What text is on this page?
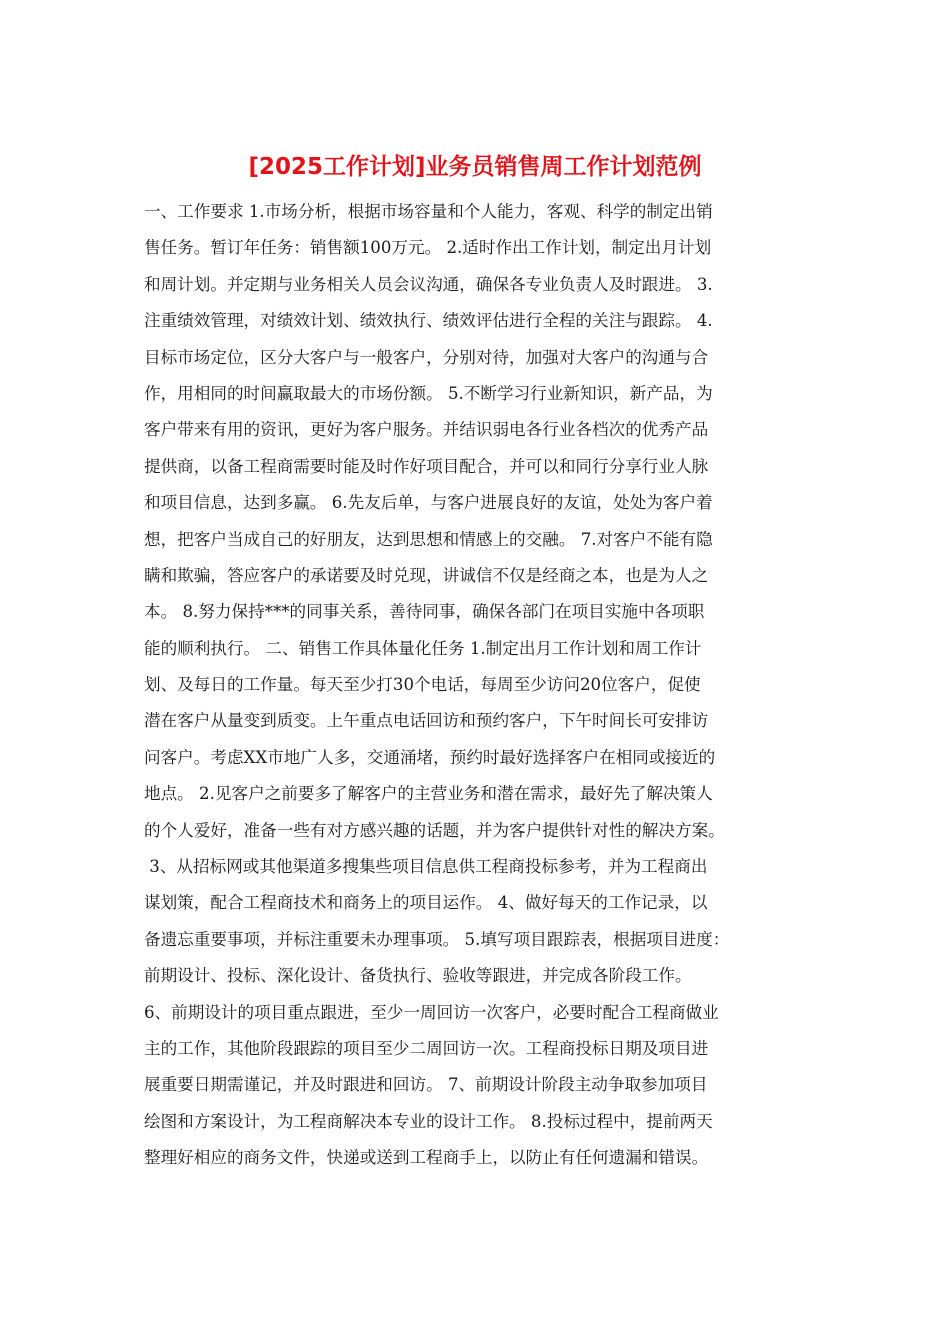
[2025工作计划]业务员销售周工作计划范例
一、工作要求 1.市场分析，根据市场容量和个人能力，客观、科学的制定出销
售任务。暂订年任务：销售额100万元。 2.适时作出工作计划，制定出月计划
和周计划。并定期与业务相关人员会议沟通，确保各专业负责人及时跟进。 3.
注重绩效管理，对绩效计划、绩效执行、绩效评估进行全程的关注与跟踪。 4.
目标市场定位，区分大客户与一般客户，分别对待，加强对大客户的沟通与合
作，用相同的时间赢取最大的市场份额。 5.不断学习行业新知识，新产品，为
客户带来有用的资讯，更好为客户服务。并结识弱电各行业各档次的优秀产品
提供商，以备工程商需要时能及时作好项目配合，并可以和同行分享行业人脉
和项目信息，达到多赢。 6.先友后单，与客户进展良好的友谊，处处为客户着
想，把客户当成自己的好朋友，达到思想和情感上的交融。 7.对客户不能有隐
瞒和欺骗，答应客户的承诺要及时兑现，讲诚信不仅是经商之本，也是为人之
本。 8.努力保持***的同事关系，善待同事，确保各部门在项目实施中各项职
能的顺利执行。 二、销售工作具体量化任务 1.制定出月工作计划和周工作计
划、及每日的工作量。每天至少打30个电话，每周至少访问20位客户，促使
潜在客户从量变到质变。上午重点电话回访和预约客户，下午时间长可安排访
问客户。考虑XX市地广人多，交通涌堵，预约时最好选择客户在相同或接近的
地点。 2.见客户之前要多了解客户的主营业务和潜在需求，最好先了解决策人
的个人爱好，准备一些有对方感兴趣的话题，并为客户提供针对性的解决方案。
3、从招标网或其他渠道多搜集些项目信息供工程商投标参考，并为工程商出
谋划策，配合工程商技术和商务上的项目运作。 4、做好每天的工作记录，以
备遗忘重要事项，并标注重要未办理事项。 5.填写项目跟踪表，根据项目进度：
前期设计、投标、深化设计、备货执行、验收等跟进，并完成各阶段工作。
6、前期设计的项目重点跟进，至少一周回访一次客户，必要时配合工程商做业
主的工作，其他阶段跟踪的项目至少二周回访一次。工程商投标日期及项目进
展重要日期需谨记，并及时跟进和回访。 7、前期设计阶段主动争取参加项目
绘图和方案设计，为工程商解决本专业的设计工作。 8.投标过程中，提前两天
整理好相应的商务文件，快递或送到工程商手上，以防止有任何遗漏和错误。
